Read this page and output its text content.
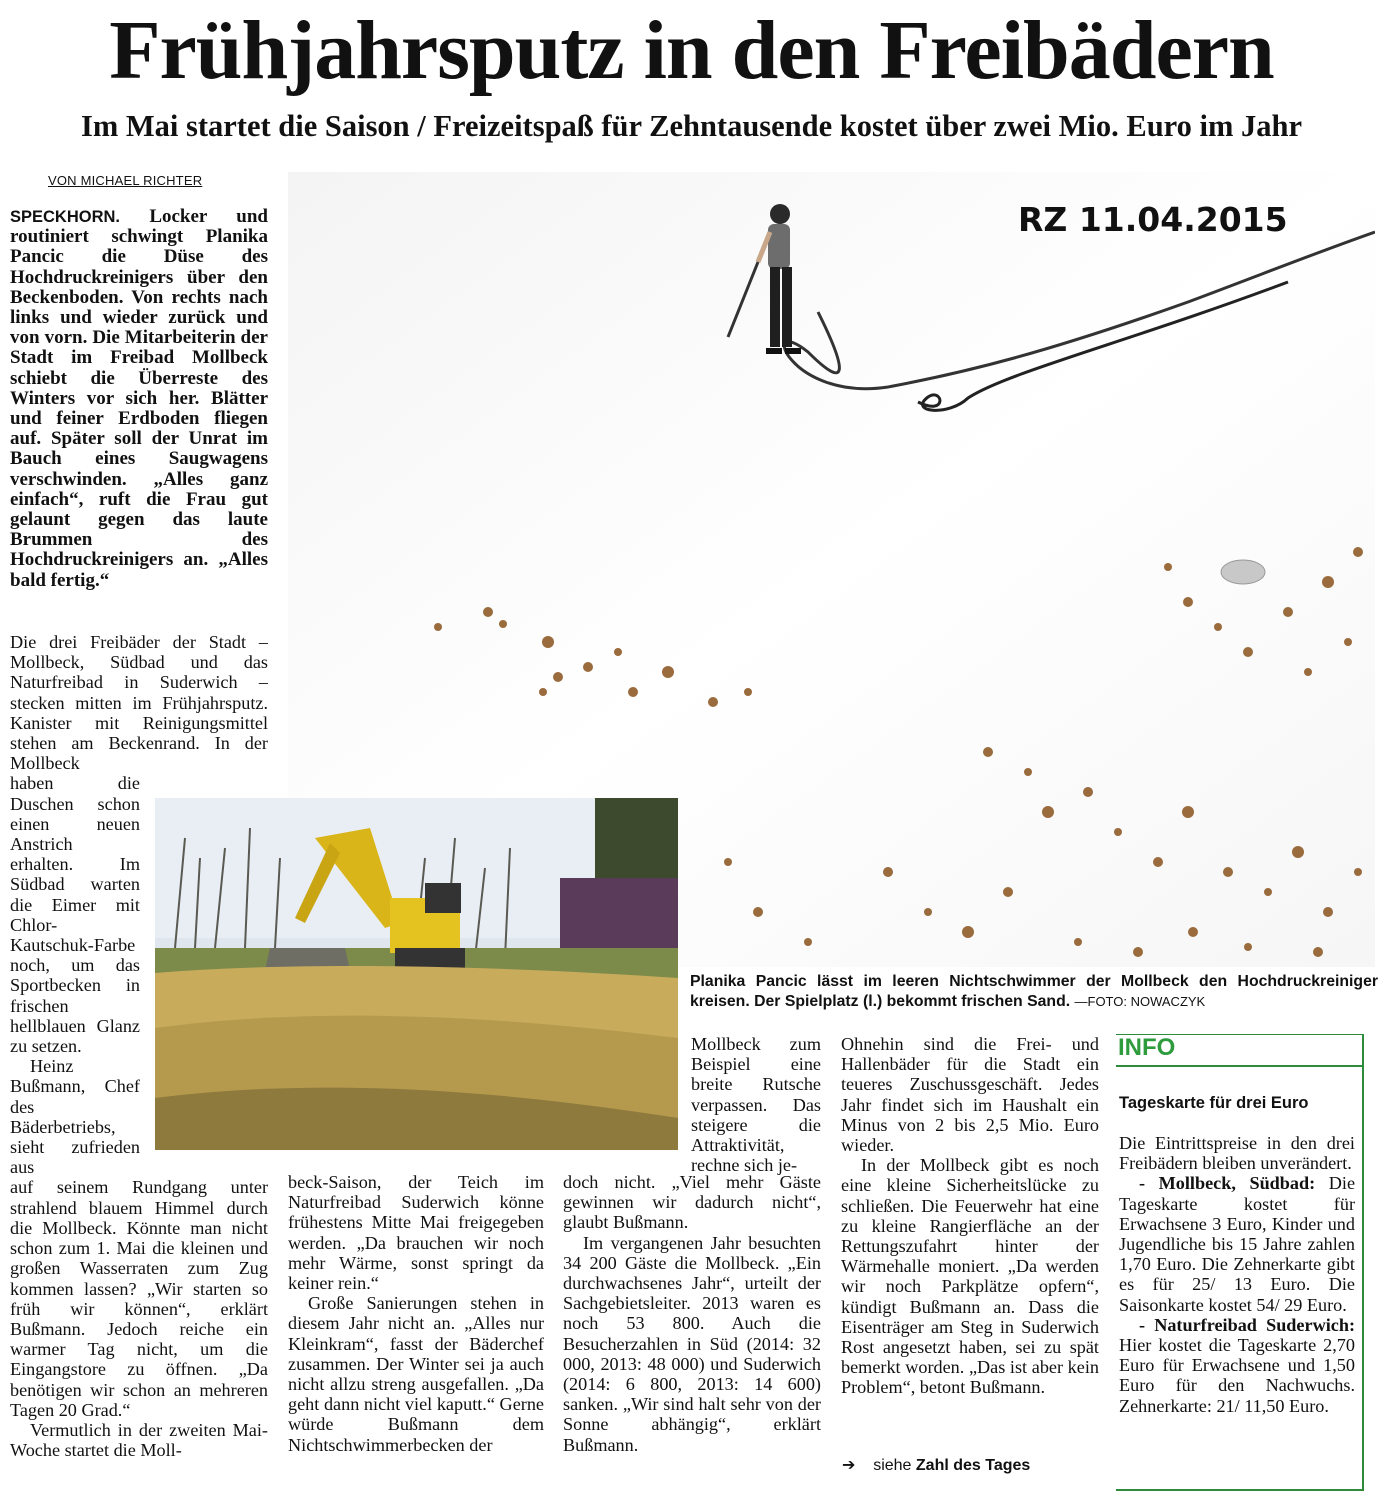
Frühjahrsputz in den Freibädern
Im Mai startet die Saison / Freizeitspaß für Zehntausende kostet über zwei Mio. Euro im Jahr
VON MICHAEL RICHTER
RZ 11.04.2015
Planika Pancic lässt im leeren Nichtschwimmer der Mollbeck den Hochdruckreiniger kreisen. Der Spielplatz (l.) bekommt frischen Sand. —FOTO: NOWACZYK
SPECKHORN. Locker und routiniert schwingt Planika Pancic die Düse des Hochdruckreinigers über den Beckenboden. Von rechts nach links und wieder zurück und von vorn. Die Mitarbeiterin der Stadt im Freibad Mollbeck schiebt die Überreste des Winters vor sich her. Blätter und feiner Erdboden fliegen auf. Später soll der Unrat im Bauch eines Saugwagens verschwinden. „Alles ganz einfach“, ruft die Frau gut gelaunt gegen das laute Brummen des Hochdruckreinigers an. „Alles bald fertig.“

Die drei Freibäder der Stadt – Mollbeck, Südbad und das Naturfreibad in Suderwich – stecken mitten im Frühjahrsputz. Kanister mit Reinigungsmittel stehen am Beckenrand. In der Mollbeck

haben die Duschen schon einen neuen Anstrich erhalten. Im Südbad warten die Eimer mit Chlor-Kautschuk-Farbe noch, um das Sportbecken in frischen hellblauen Glanz zu setzen.

Heinz Bußmann, Chef des Bäderbetriebs, sieht zufrieden aus

auf seinem Rundgang unter strahlend blauem Himmel durch die Mollbeck. Könnte man nicht schon zum 1. Mai die kleinen und großen Wasserraten zum Zug kommen lassen? „Wir starten so früh wir können“, erklärt Bußmann. Jedoch reiche ein warmer Tag nicht, um die Eingangstore zu öffnen. „Da benötigen wir schon an mehreren Tagen 20 Grad.“

Vermutlich in der zweiten Mai-Woche startet die Moll-

beck-Saison, der Teich im Naturfreibad Suderwich könne frühestens Mitte Mai freigegeben werden. „Da brauchen wir noch mehr Wärme, sonst springt da keiner rein.“

Große Sanierungen stehen in diesem Jahr nicht an. „Alles nur Kleinkram“, fasst der Bäderchef zusammen. Der Winter sei ja auch nicht allzu streng ausgefallen. „Da geht dann nicht viel kaputt.“ Gerne würde Bußmann dem Nichtschwimmerbecken der

Mollbeck zum Beispiel eine breite Rutsche verpassen. Das steigere die Attraktivität, rechne sich je-

doch nicht. „Viel mehr Gäste gewinnen wir dadurch nicht“, glaubt Bußmann.

Im vergangenen Jahr besuchten 34 200 Gäste die Mollbeck. „Ein durchwachsenes Jahr“, urteilt der Sachgebietsleiter. 2013 waren es noch 53 800. Auch die Besucherzahlen in Süd (2014: 32 000, 2013: 48 000) und Suderwich (2014: 6 800, 2013: 14 600) sanken. „Wir sind halt sehr von der Sonne abhängig“, erklärt Bußmann.

Ohnehin sind die Frei- und Hallenbäder für die Stadt ein teueres Zuschussgeschäft. Jedes Jahr findet sich im Haushalt ein Minus von 2 bis 2,5 Mio. Euro wieder.

In der Mollbeck gibt es noch eine kleine Sicherheitslücke zu schließen. Die Feuerwehr hat eine zu kleine Rangierfläche an der Rettungszufahrt hinter der Wärmehalle moniert. „Da werden wir noch Parkplätze opfern“, kündigt Bußmann an. Dass die Eisenträger am Steg in Suderwich Rost angesetzt haben, sei zu spät bemerkt worden. „Das ist aber kein Problem“, betont Bußmann.

➔ siehe Zahl des Tages
INFO
Tageskarte für drei Euro

Die Eintrittspreise in den drei Freibädern bleiben unverändert.

- Mollbeck, Südbad: Die Tageskarte kostet für Erwachsene 3 Euro, Kinder und Jugendliche bis 15 Jahre zahlen 1,70 Euro. Die Zehnerkarte gibt es für 25/ 13 Euro. Die Saisonkarte kostet 54/ 29 Euro.

- Naturfreibad Suderwich: Hier kostet die Tageskarte 2,70 Euro für Erwachsene und 1,50 Euro für den Nachwuchs. Zehnerkarte: 21/ 11,50 Euro.
